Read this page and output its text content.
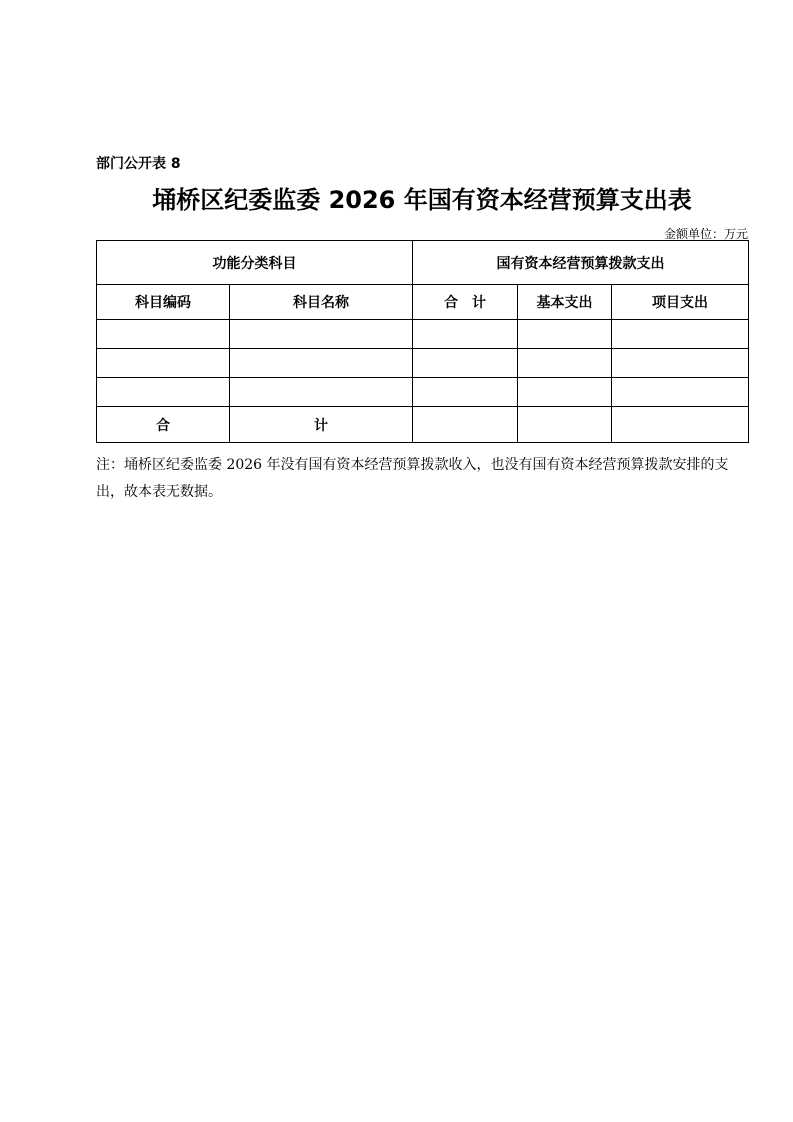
部门公开表 8
埇桥区纪委监委 2026 年国有资本经营预算支出表
金额单位：万元
功能分类科目		国有资本经营预算拨款支出		
科目编码	科目名称	合　计	基本支出	项目支出

合	计			
注：埇桥区纪委监委 2026 年没有国有资本经营预算拨款收入，也没有国有资本经营预算拨款安排的支出，故本表无数据。
